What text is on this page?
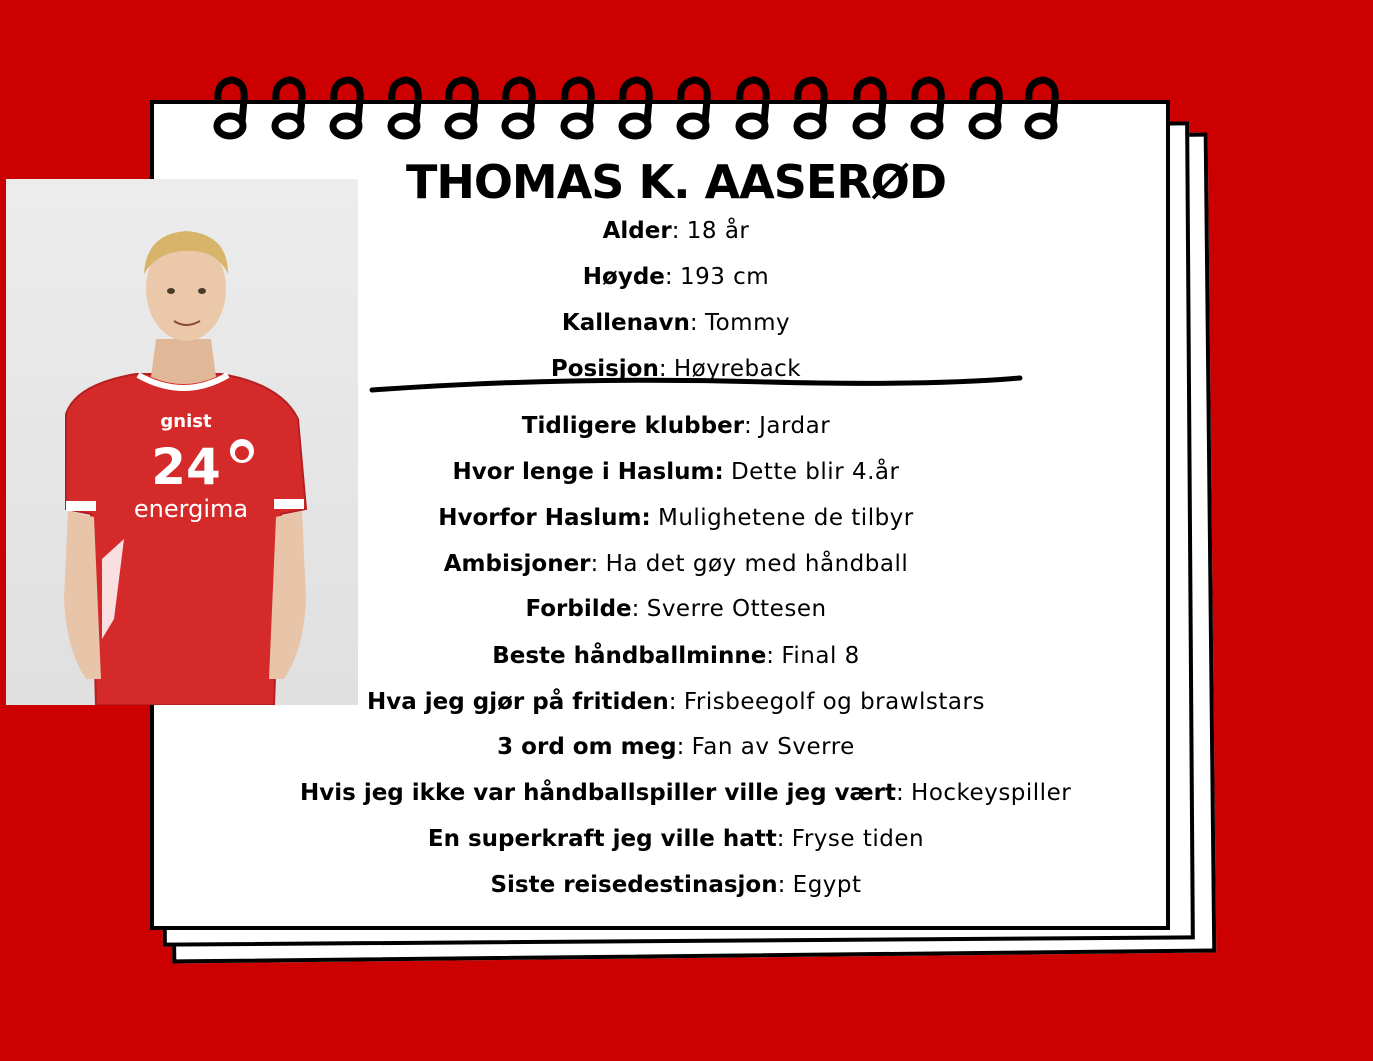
gnist
24
energima
THOMAS K. AASERØD
Alder: 18 år
Høyde: 193 cm
Kallenavn: Tommy
Posisjon: Høyreback
Tidligere klubber: Jardar
Hvor lenge i Haslum: Dette blir 4.år
Hvorfor Haslum: Mulighetene de tilbyr
Ambisjoner: Ha det gøy med håndball
Forbilde: Sverre Ottesen
Beste håndballminne: Final 8
Hva jeg gjør på fritiden: Frisbeegolf og brawlstars
3 ord om meg: Fan av Sverre
Hvis jeg ikke var håndballspiller ville jeg vært: Hockeyspiller
En superkraft jeg ville hatt: Fryse tiden
Siste reisedestinasjon: Egypt
